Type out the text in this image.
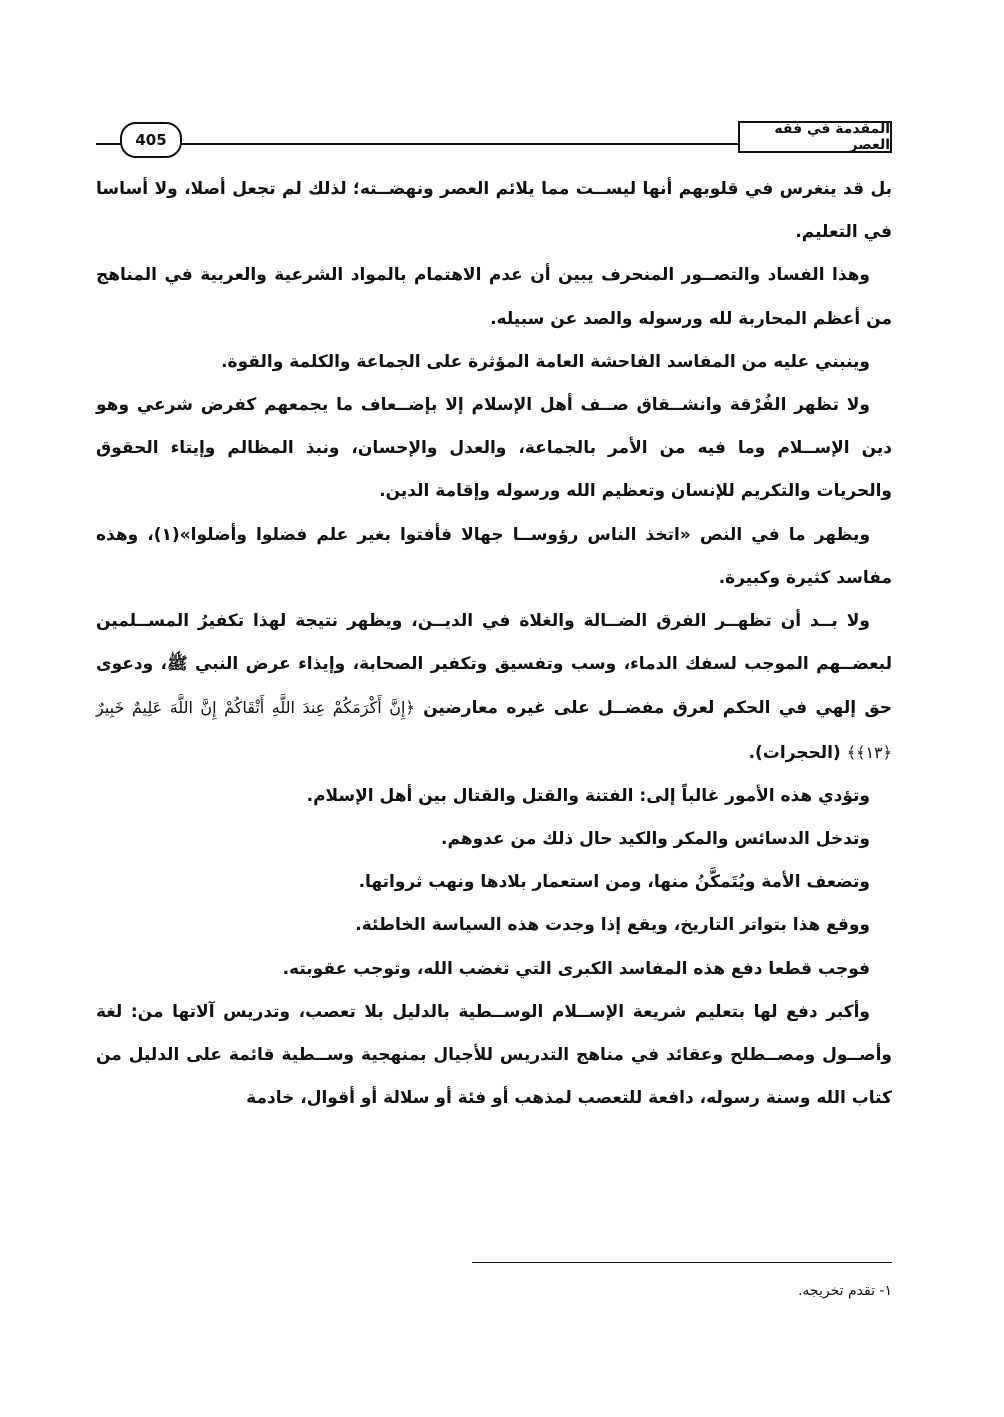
405
المقدمة في فقه العصر

بل قد ينغرس في قلوبهم أنها ليســت مما يلائم العصر ونهضــته؛ لذلك لم تجعل أصلا، ولا أساسا في التعليم.

وهذا الفساد والتصــور المنحرف يبين أن عدم الاهتمام بالمواد الشرعية والعربية في المناهج من أعظم المحاربة لله ورسوله والصد عن سبيله.

وينبني عليه من المفاسد الفاحشة العامة المؤثرة على الجماعة والكلمة والقوة.

ولا تظهر الفُرْقة وانشــقاق صــف أهل الإسلام إلا بإضــعاف ما يجمعهم كفرض شرعي وهو دين الإســلام وما فيه من الأمر بالجماعة، والعدل والإحسان، ونبذ المظالم وإيتاء الحقوق والحريات والتكريم للإنسان وتعظيم الله ورسوله وإقامة الدين.

ويظهر ما في النص «اتخذ الناس رؤوســا جهالا فأفتوا بغير علم فضلوا وأضلوا»(١)، وهذه مفاسد كثيرة وكبيرة.

ولا بــد أن تظهــر الفرق الضــالة والغلاة في الديــن، ويظهر نتيجة لهذا تكفيرُ المســلمين لبعضــهم الموجب لسفك الدماء، وسب وتفسيق وتكفير الصحابة، وإيذاء عرض النبي ﷺ، ودعوى حق إلهي في الحكم لعرق مفضــل على غيره معارضين ﴿إِنَّ أَكْرَمَكُمْ عِندَ اللَّهِ أَتْقَاكُمْ إِنَّ اللَّهَ عَلِيمٌ خَبِيرٌ ﴿١٣﴾﴾ (الحجرات).

وتؤدي هذه الأمور غالباً إلى: الفتنة والقتل والقتال بين أهل الإسلام.

وتدخل الدسائس والمكر والكيد حال ذلك من عدوهم.

وتضعف الأمة ويُتَمكَّنُ منها، ومن استعمار بلادها ونهب ثرواتها.

ووقع هذا بتواتر التاريخ، ويقع إذا وجدت هذه السياسة الخاطئة.

فوجب قطعا دفع هذه المفاسد الكبرى التي تغضب الله، وتوجب عقوبته.

وأكبر دفع لها بتعليم شريعة الإســلام الوســطية بالدليل بلا تعصب، وتدريس آلاتها من: لغة وأصــول ومصــطلح وعقائد في مناهج التدريس للأجيال بمنهجية وســطية قائمة على الدليل من كتاب الله وسنة رسوله، دافعة للتعصب لمذهب أو فئة أو سلالة أو أقوال، خادمة

١- تقدم تخريجه.
